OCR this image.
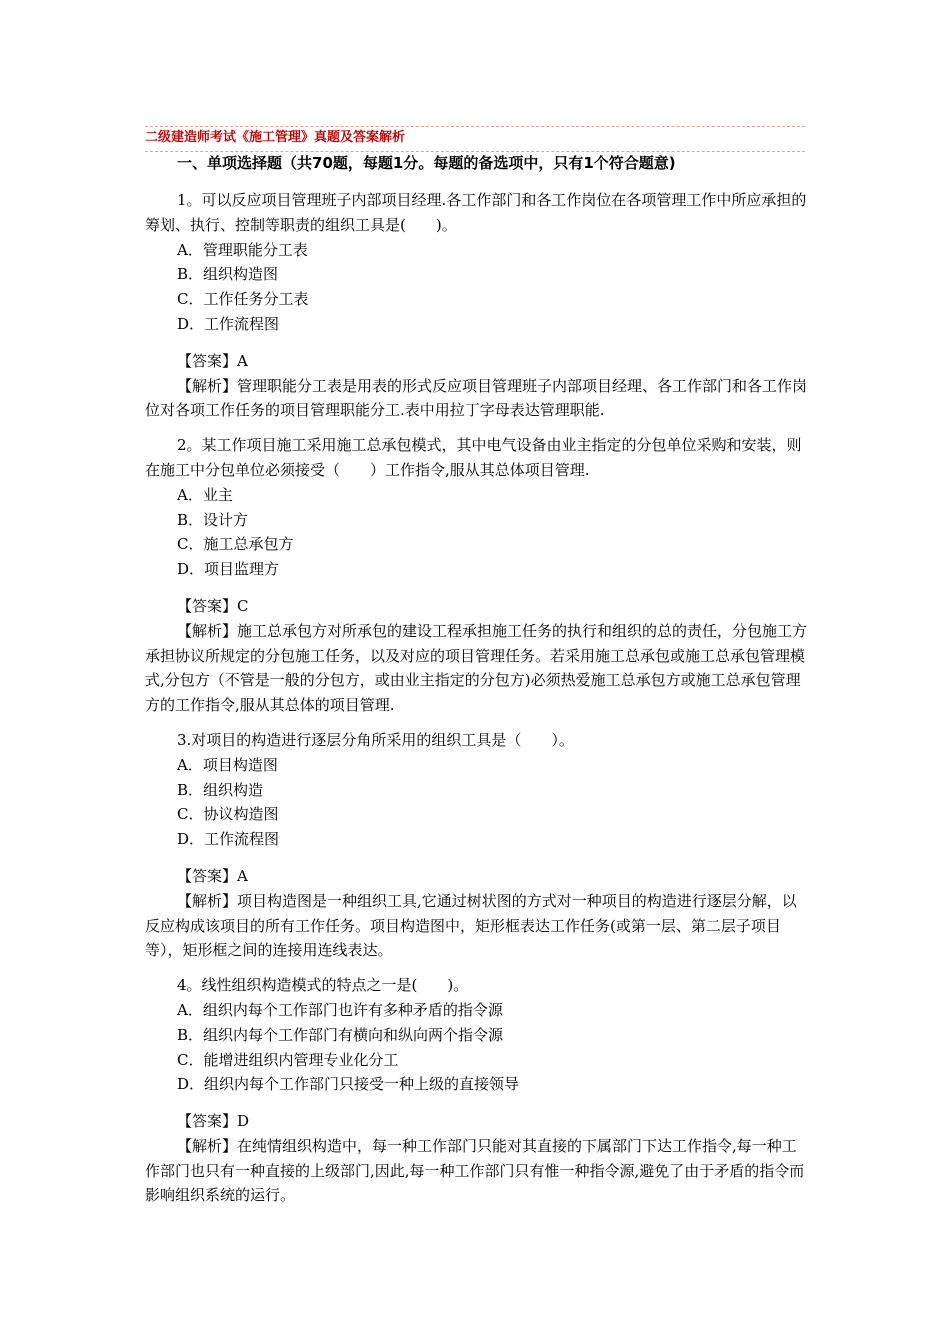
二级建造师考试《施工管理》真题及答案解析
一、单项选择题（共70题，每题1分。每题的备选项中，只有1个符合题意)

1。可以反应项目管理班子内部项目经理.各工作部门和各工作岗位在各项管理工作中所应承担的筹划、执行、控制等职责的组织工具是(　　)。

A．管理职能分工表

B．组织构造图

C．工作任务分工表

D．工作流程图

【答案】A

【解析】管理职能分工表是用表的形式反应项目管理班子内部项目经理、各工作部门和各工作岗位对各项工作任务的项目管理职能分工.表中用拉丁字母表达管理职能.

2。某工作项目施工采用施工总承包模式，其中电气设备由业主指定的分包单位采购和安装，则在施工中分包单位必须接受（　　）工作指令,服从其总体项目管理.

A．业主

B．设计方

C．施工总承包方

D．项目监理方

【答案】C

【解析】施工总承包方对所承包的建设工程承担施工任务的执行和组织的总的责任，分包施工方承担协议所规定的分包施工任务，以及对应的项目管理任务。若采用施工总承包或施工总承包管理模式,分包方（不管是一般的分包方，或由业主指定的分包方)必须热爱施工总承包方或施工总承包管理方的工作指令,服从其总体的项目管理.

3.对项目的构造进行逐层分角所采用的组织工具是（　　）。

A．项目构造图

B．组织构造

C．协议构造图

D．工作流程图

【答案】A

【解析】项目构造图是一种组织工具,它通过树状图的方式对一种项目的构造进行逐层分解，以反应构成该项目的所有工作任务。项目构造图中，矩形框表达工作任务(或第一层、第二层子项目等），矩形框之间的连接用连线表达。

4。线性组织构造模式的特点之一是(　　)。

A．组织内每个工作部门也许有多种矛盾的指令源

B．组织内每个工作部门有横向和纵向两个指令源

C．能增进组织内管理专业化分工

D．组织内每个工作部门只接受一种上级的直接领导

【答案】D

【解析】在纯情组织构造中，每一种工作部门只能对其直接的下属部门下达工作指令,每一种工作部门也只有一种直接的上级部门,因此,每一种工作部门只有惟一种指令源,避免了由于矛盾的指令而影响组织系统的运行。
